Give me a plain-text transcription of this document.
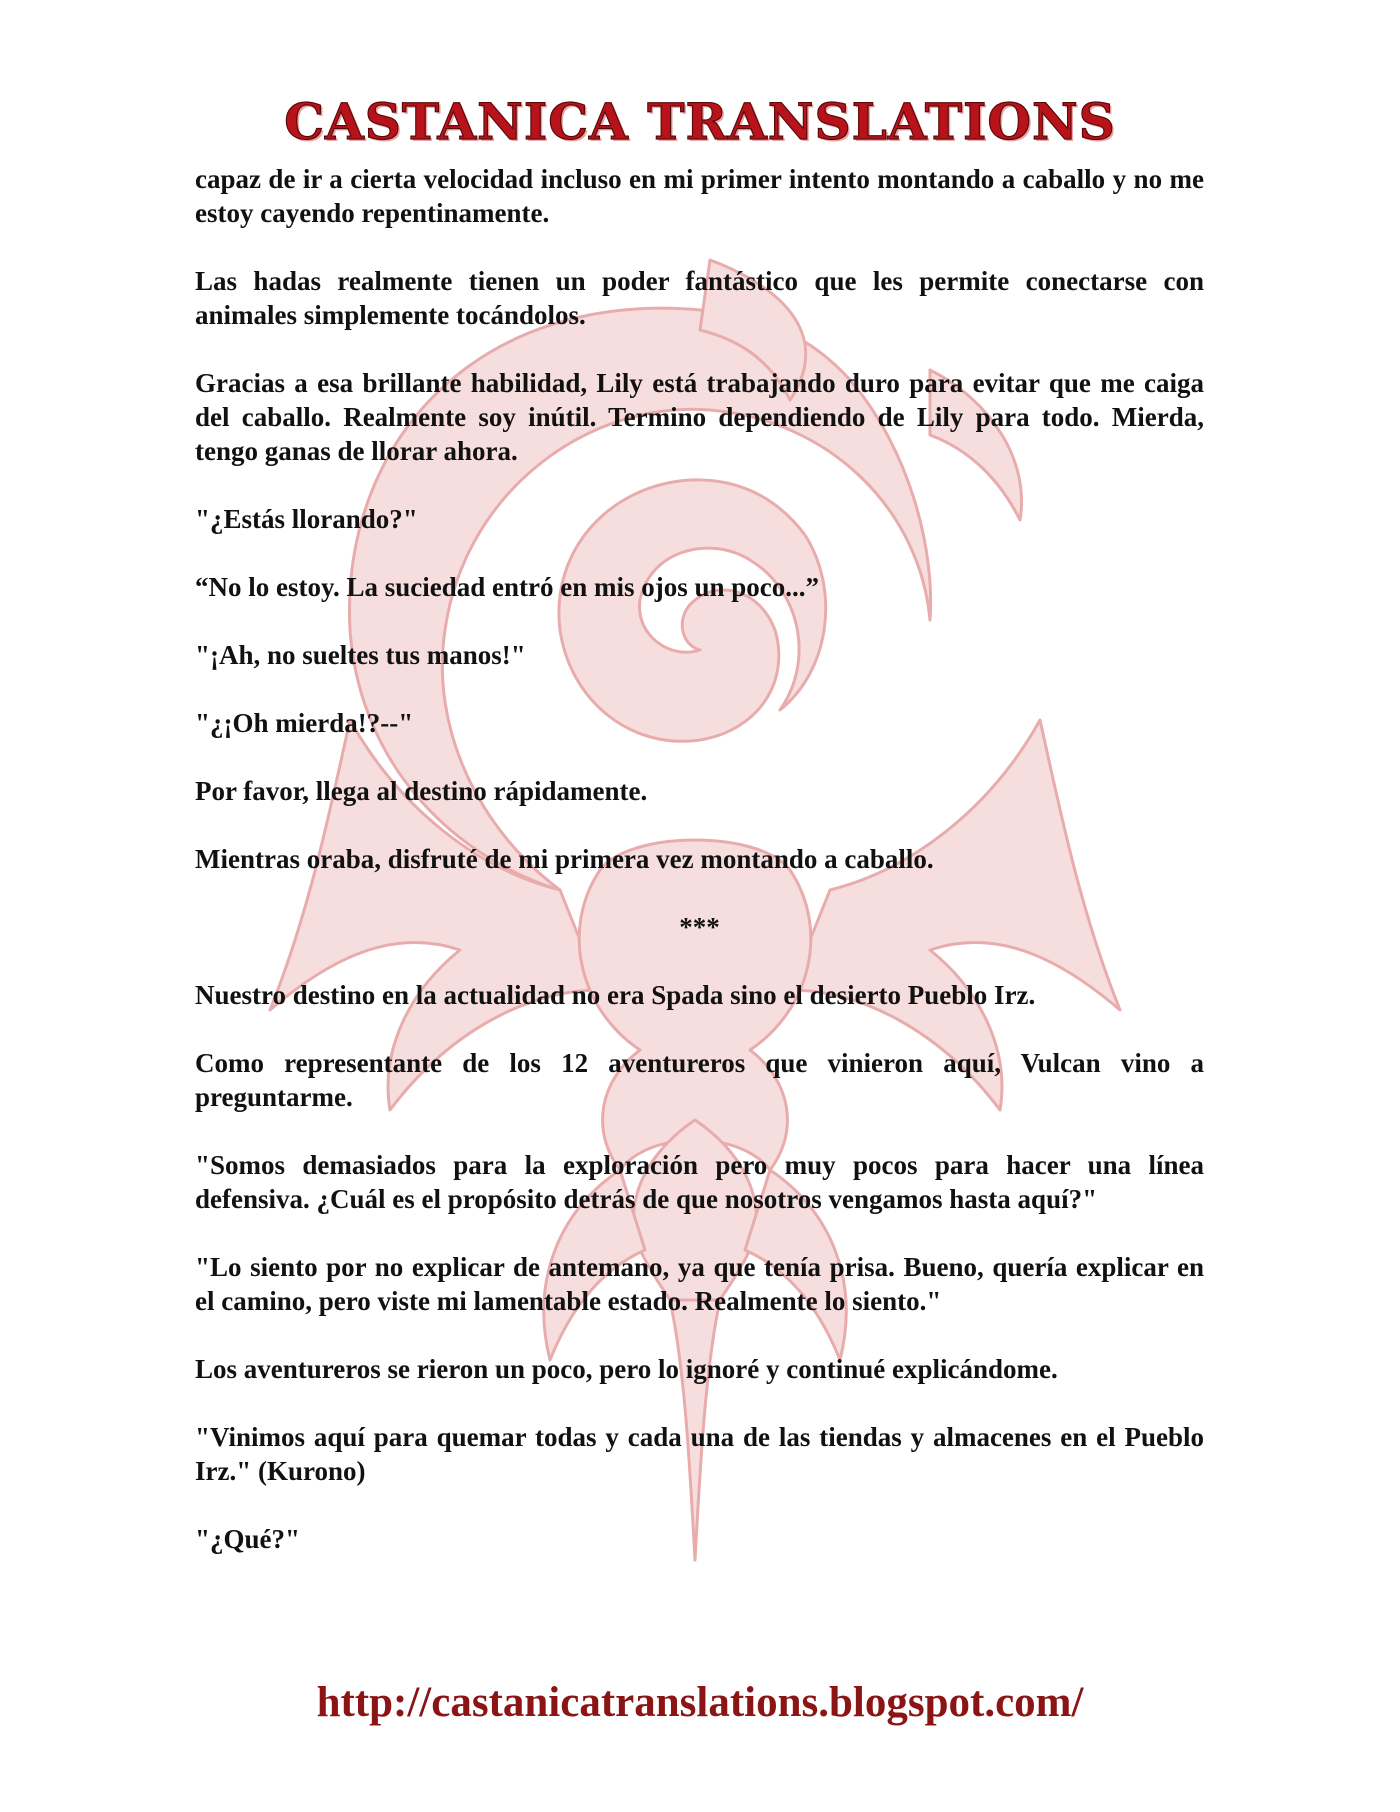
CASTANICA TRANSLATIONS

capaz de ir a cierta velocidad incluso en mi primer intento montando a caballo y no me estoy cayendo repentinamente.

Las hadas realmente tienen un poder fantástico que les permite conectarse con animales simplemente tocándolos.

Gracias a esa brillante habilidad, Lily está trabajando duro para evitar que me caiga del caballo. Realmente soy inútil. Termino dependiendo de Lily para todo. Mierda, tengo ganas de llorar ahora.

"¿Estás llorando?"

“No lo estoy. La suciedad entró en mis ojos un poco...”

"¡Ah, no sueltes tus manos!"

"¿¡Oh mierda!?--"

Por favor, llega al destino rápidamente.

Mientras oraba, disfruté de mi primera vez montando a caballo.

***

Nuestro destino en la actualidad no era Spada sino el desierto Pueblo Irz.

Como representante de los 12 aventureros que vinieron aquí, Vulcan vino a preguntarme.

"Somos demasiados para la exploración pero muy pocos para hacer una línea defensiva. ¿Cuál es el propósito detrás de que nosotros vengamos hasta aquí?"

"Lo siento por no explicar de antemano, ya que tenía prisa. Bueno, quería explicar en el camino, pero viste mi lamentable estado. Realmente lo siento."

Los aventureros se rieron un poco, pero lo ignoré y continué explicándome.

"Vinimos aquí para quemar todas y cada una de las tiendas y almacenes en el Pueblo Irz." (Kurono)

"¿Qué?"

http://castanicatranslations.blogspot.com/
